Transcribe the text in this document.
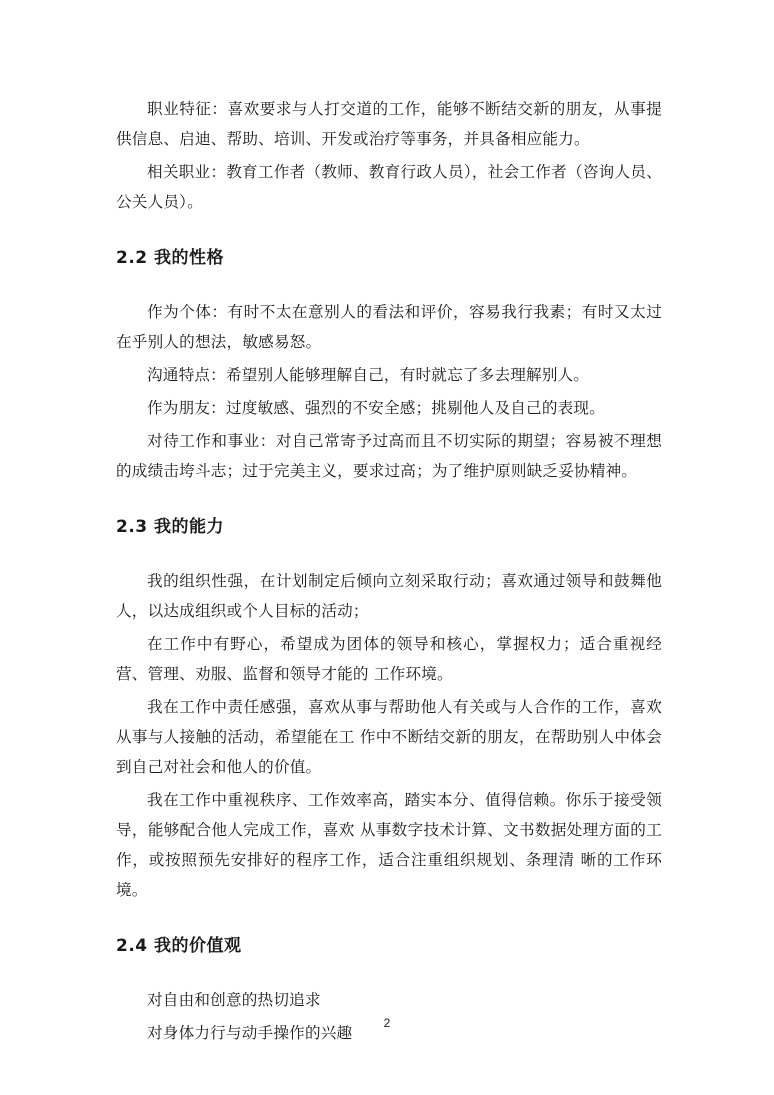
职业特征：喜欢要求与人打交道的工作，能够不断结交新的朋友，从事提供信息、启迪、帮助、培训、开发或治疗等事务，并具备相应能力。

相关职业：教育工作者（教师、教育行政人员），社会工作者（咨询人员、公关人员）。

2.2 我的性格

作为个体：有时不太在意别人的看法和评价，容易我行我素；有时又太过在乎别人的想法，敏感易怒。

沟通特点：希望别人能够理解自己，有时就忘了多去理解别人。

作为朋友：过度敏感、强烈的不安全感；挑剔他人及自己的表现。

对待工作和事业：对自己常寄予过高而且不切实际的期望；容易被不理想的成绩击垮斗志；过于完美主义，要求过高；为了维护原则缺乏妥协精神。

2.3 我的能力

我的组织性强，在计划制定后倾向立刻采取行动；喜欢通过领导和鼓舞他人，以达成组织或个人目标的活动；

在工作中有野心，希望成为团体的领导和核心，掌握权力；适合重视经营、管理、劝服、监督和领导才能的 工作环境。

我在工作中责任感强，喜欢从事与帮助他人有关或与人合作的工作，喜欢从事与人接触的活动，希望能在工 作中不断结交新的朋友，在帮助别人中体会到自己对社会和他人的价值。

我在工作中重视秩序、工作效率高，踏实本分、值得信赖。你乐于接受领导，能够配合他人完成工作，喜欢 从事数字技术计算、文书数据处理方面的工作，或按照预先安排好的程序工作，适合注重组织规划、条理清 晰的工作环境。

2.4 我的价值观

对自由和创意的热切追求

对身体力行与动手操作的兴趣

2
